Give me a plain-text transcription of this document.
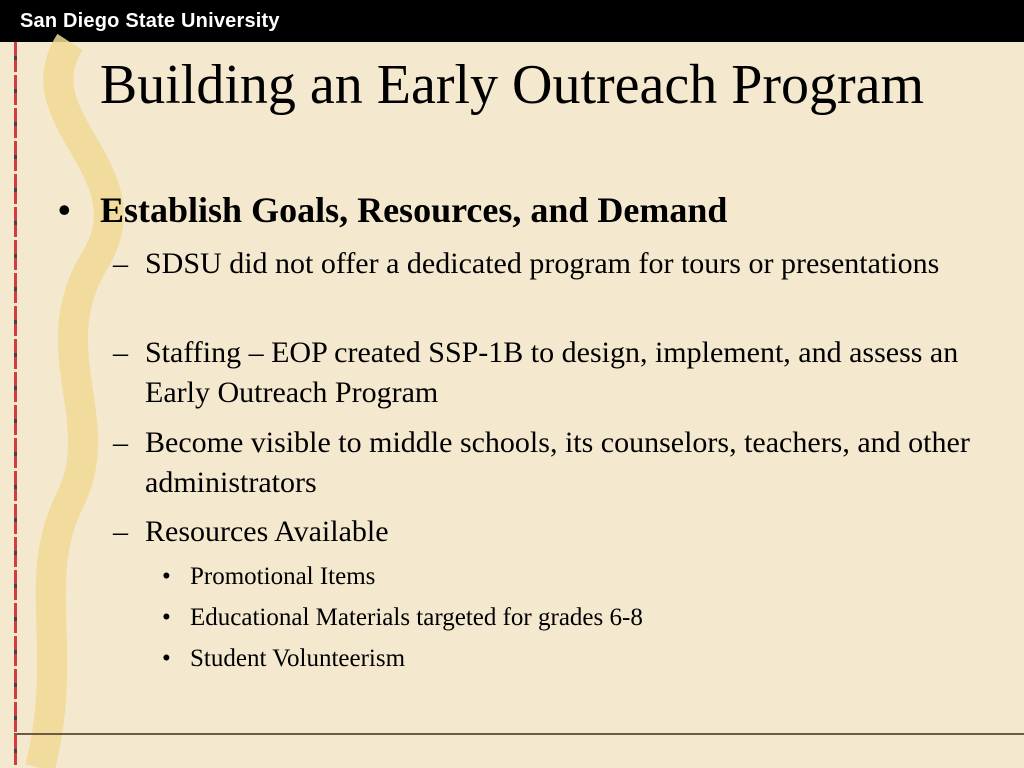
San Diego State University
Building an Early Outreach Program
• Establish Goals, Resources, and Demand
– SDSU did not offer a dedicated program for tours or presentations
– Staffing – EOP created SSP-1B to design, implement, and assess an Early Outreach Program
– Become visible to middle schools, its counselors, teachers, and other administrators
– Resources Available
• Promotional Items
• Educational Materials targeted for grades 6-8
• Student Volunteerism
